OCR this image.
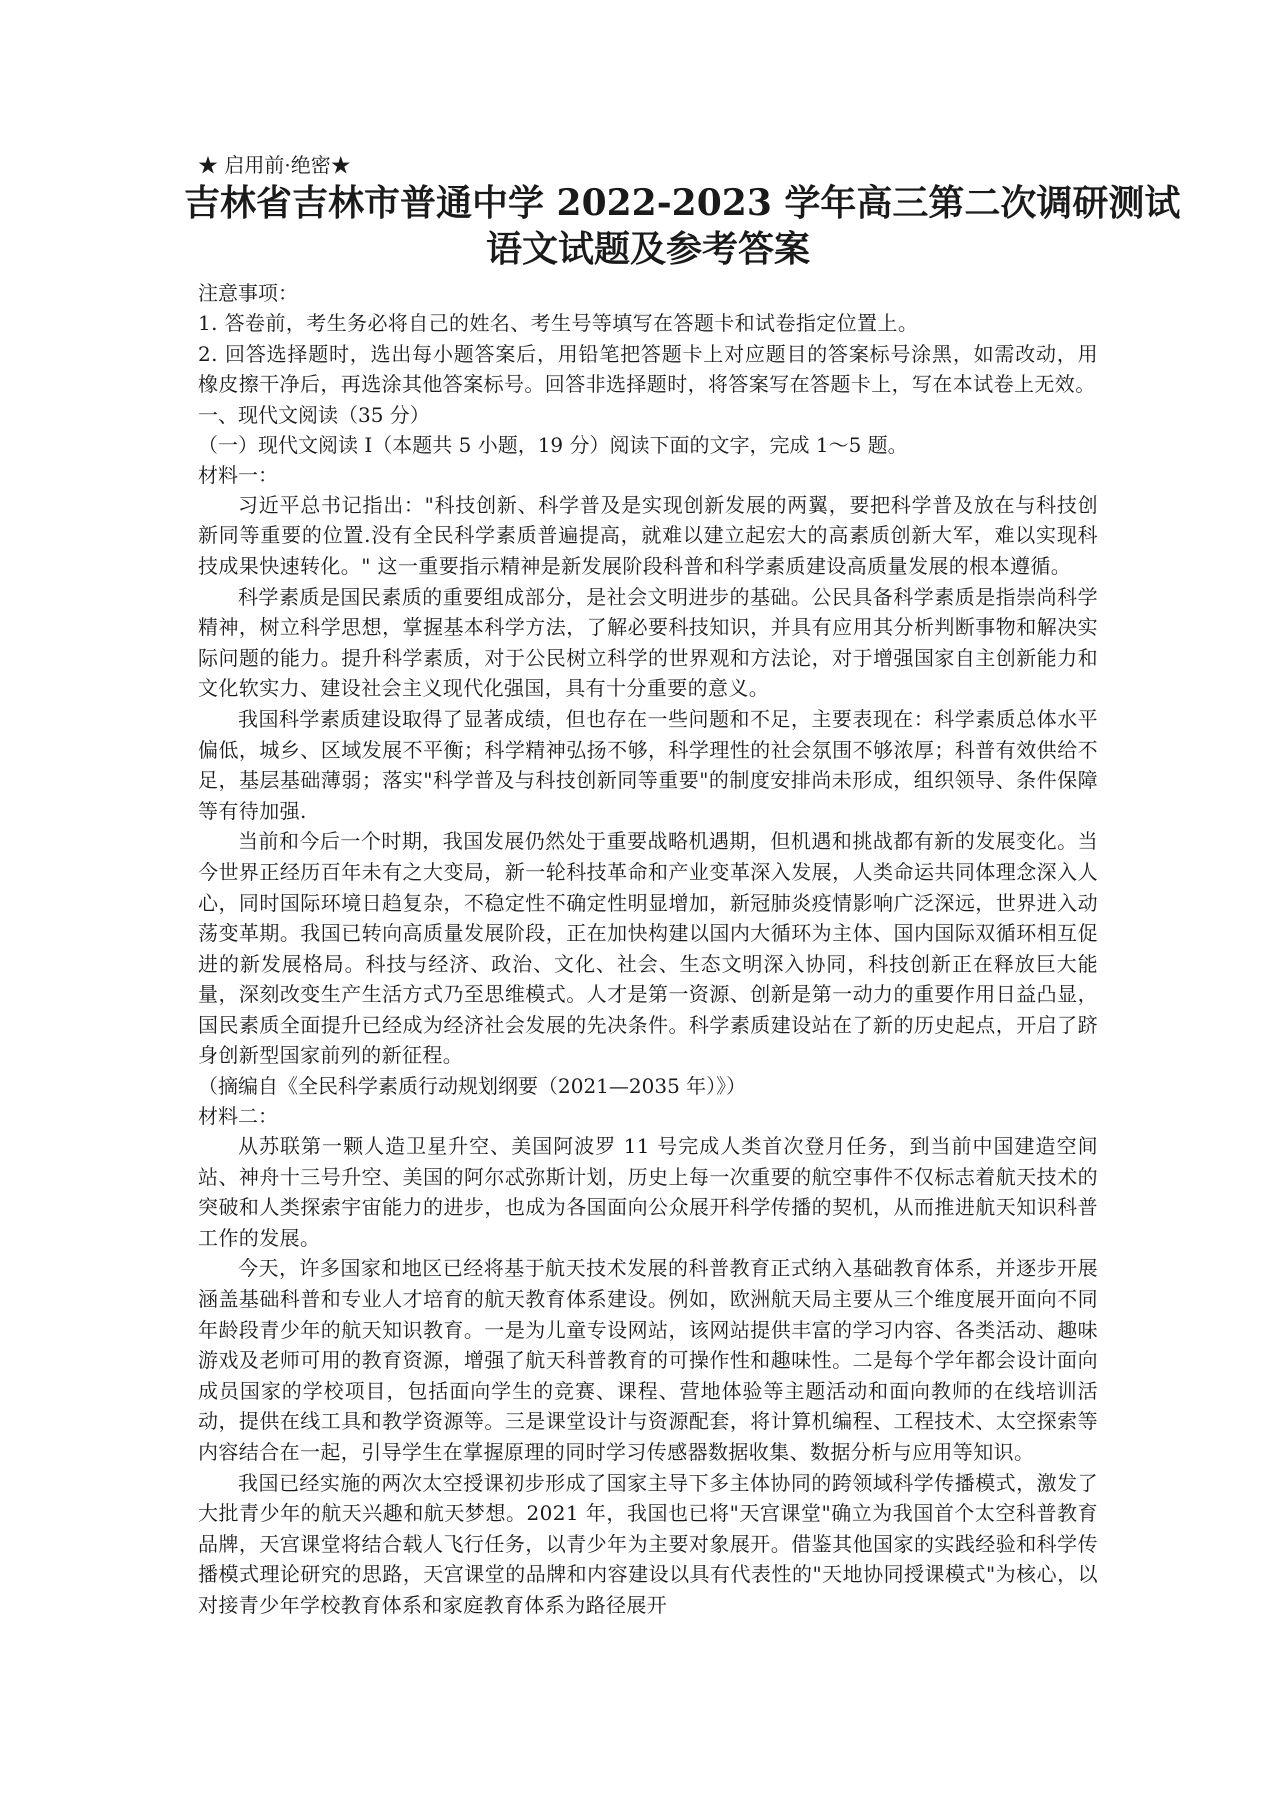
★ 启用前·绝密★
吉林省吉林市普通中学 2022-2023 学年高三第二次调研测试
语文试题及参考答案
注意事项：
1. 答卷前，考生务必将自己的姓名、考生号等填写在答题卡和试卷指定位置上。
2. 回答选择题时，选出每小题答案后，用铅笔把答题卡上对应题目的答案标号涂黑，如需改动，用橡皮擦干净后，再选涂其他答案标号。回答非选择题时，将答案写在答题卡上，写在本试卷上无效。
一、现代文阅读（35 分）
（一）现代文阅读 I（本题共 5 小题，19 分）阅读下面的文字，完成 1～5 题。
材料一：
习近平总书记指出："科技创新、科学普及是实现创新发展的两翼，要把科学普及放在与科技创新同等重要的位置.没有全民科学素质普遍提高，就难以建立起宏大的高素质创新大军，难以实现科技成果快速转化。" 这一重要指示精神是新发展阶段科普和科学素质建设高质量发展的根本遵循。
科学素质是国民素质的重要组成部分，是社会文明进步的基础。公民具备科学素质是指崇尚科学精神，树立科学思想，掌握基本科学方法，了解必要科技知识，并具有应用其分析判断事物和解决实际问题的能力。提升科学素质，对于公民树立科学的世界观和方法论，对于增强国家自主创新能力和文化软实力、建设社会主义现代化强国，具有十分重要的意义。
我国科学素质建设取得了显著成绩，但也存在一些问题和不足，主要表现在：科学素质总体水平偏低，城乡、区域发展不平衡；科学精神弘扬不够，科学理性的社会氛围不够浓厚；科普有效供给不足，基层基础薄弱；落实"科学普及与科技创新同等重要"的制度安排尚未形成，组织领导、条件保障等有待加强.
当前和今后一个时期，我国发展仍然处于重要战略机遇期，但机遇和挑战都有新的发展变化。当今世界正经历百年未有之大变局，新一轮科技革命和产业变革深入发展，人类命运共同体理念深入人心，同时国际环境日趋复杂，不稳定性不确定性明显增加，新冠肺炎疫情影响广泛深远，世界进入动荡变革期。我国已转向高质量发展阶段，正在加快构建以国内大循环为主体、国内国际双循环相互促进的新发展格局。科技与经济、政治、文化、社会、生态文明深入协同，科技创新正在释放巨大能量，深刻改变生产生活方式乃至思维模式。人才是第一资源、创新是第一动力的重要作用日益凸显，国民素质全面提升已经成为经济社会发展的先决条件。科学素质建设站在了新的历史起点，开启了跻身创新型国家前列的新征程。
（摘编自《全民科学素质行动规划纲要（2021—2035 年）》）
材料二：
从苏联第一颗人造卫星升空、美国阿波罗 11 号完成人类首次登月任务，到当前中国建造空间站、神舟十三号升空、美国的阿尔忒弥斯计划，历史上每一次重要的航空事件不仅标志着航天技术的突破和人类探索宇宙能力的进步，也成为各国面向公众展开科学传播的契机，从而推进航天知识科普工作的发展。
今天，许多国家和地区已经将基于航天技术发展的科普教育正式纳入基础教育体系，并逐步开展涵盖基础科普和专业人才培育的航天教育体系建设。例如，欧洲航天局主要从三个维度展开面向不同年龄段青少年的航天知识教育。一是为儿童专设网站，该网站提供丰富的学习内容、各类活动、趣味游戏及老师可用的教育资源，增强了航天科普教育的可操作性和趣味性。二是每个学年都会设计面向成员国家的学校项目，包括面向学生的竞赛、课程、营地体验等主题活动和面向教师的在线培训活动，提供在线工具和教学资源等。三是课堂设计与资源配套，将计算机编程、工程技术、太空探索等内容结合在一起，引导学生在掌握原理的同时学习传感器数据收集、数据分析与应用等知识。
我国已经实施的两次太空授课初步形成了国家主导下多主体协同的跨领域科学传播模式，激发了大批青少年的航天兴趣和航天梦想。2021 年，我国也已将"天宫课堂"确立为我国首个太空科普教育品牌，天宫课堂将结合载人飞行任务，以青少年为主要对象展开。借鉴其他国家的实践经验和科学传播模式理论研究的思路，天宫课堂的品牌和内容建设以具有代表性的"天地协同授课模式"为核心，以对接青少年学校教育体系和家庭教育体系为路径展开
